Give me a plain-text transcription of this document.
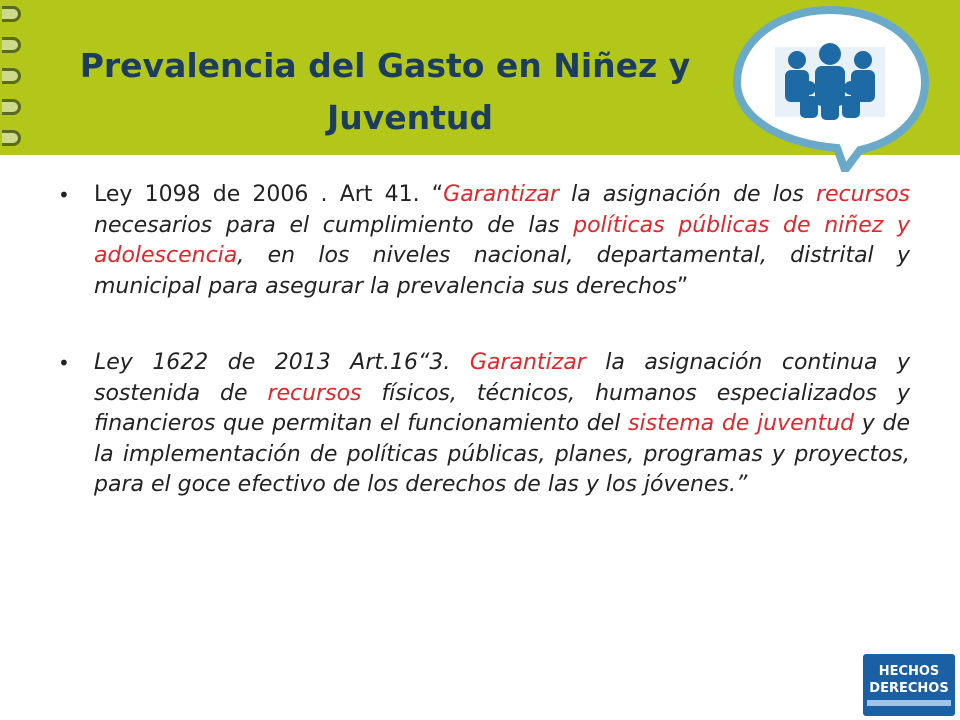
Prevalencia del Gasto en Niñez y
Juventud
• Ley 1098 de 2006 . Art 41. “Garantizar la asignación de los recursos necesarios para el cumplimiento de las políticas públicas de niñez y adolescencia, en los niveles nacional, departamental, distrital y municipal para asegurar la prevalencia sus derechos”
• Ley 1622 de 2013 Art.16“3. Garantizar la asignación continua y sostenida de recursos físicos, técnicos, humanos especializados y financieros que permitan el funcionamiento del sistema de juventud y de la implementación de políticas públicas, planes, programas y proyectos, para el goce efectivo de los derechos de las y los jóvenes.”
HECHOS
DERECHOS
